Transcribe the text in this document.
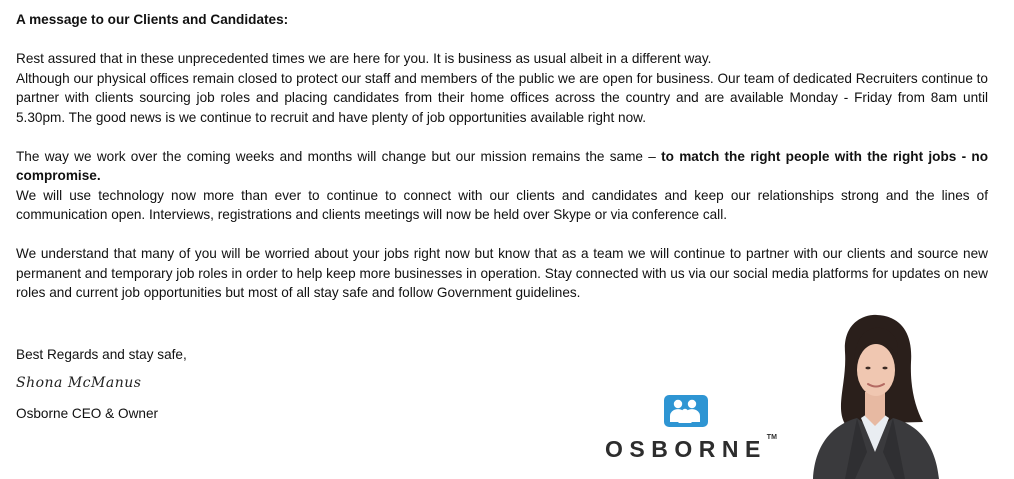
A message to our Clients and Candidates:

Rest assured that in these unprecedented times we are here for you. It is business as usual albeit in a different way.

Although our physical offices remain closed to protect our staff and members of the public we are open for business. Our team of dedicated Recruiters continue to partner with clients sourcing job roles and placing candidates from their home offices across the country and are available Monday - Friday from 8am until 5.30pm. The good news is we continue to recruit and have plenty of job opportunities available right now.

The way we work over the coming weeks and months will change but our mission remains the same – to match the right people with the right jobs - no compromise.

We will use technology now more than ever to continue to connect with our clients and candidates and keep our relationships strong and the lines of communication open. Interviews, registrations and clients meetings will now be held over Skype or via conference call.

We understand that many of you will be worried about your jobs right now but know that as a team we will continue to partner with our clients and source new permanent and temporary job roles in order to help keep more businesses in operation. Stay connected with us via our social media platforms for updates on new roles and current job opportunities but most of all stay safe and follow Government guidelines.

Best Regards and stay safe,
Shona McManus
Osborne CEO & Owner
OSBORNE™
